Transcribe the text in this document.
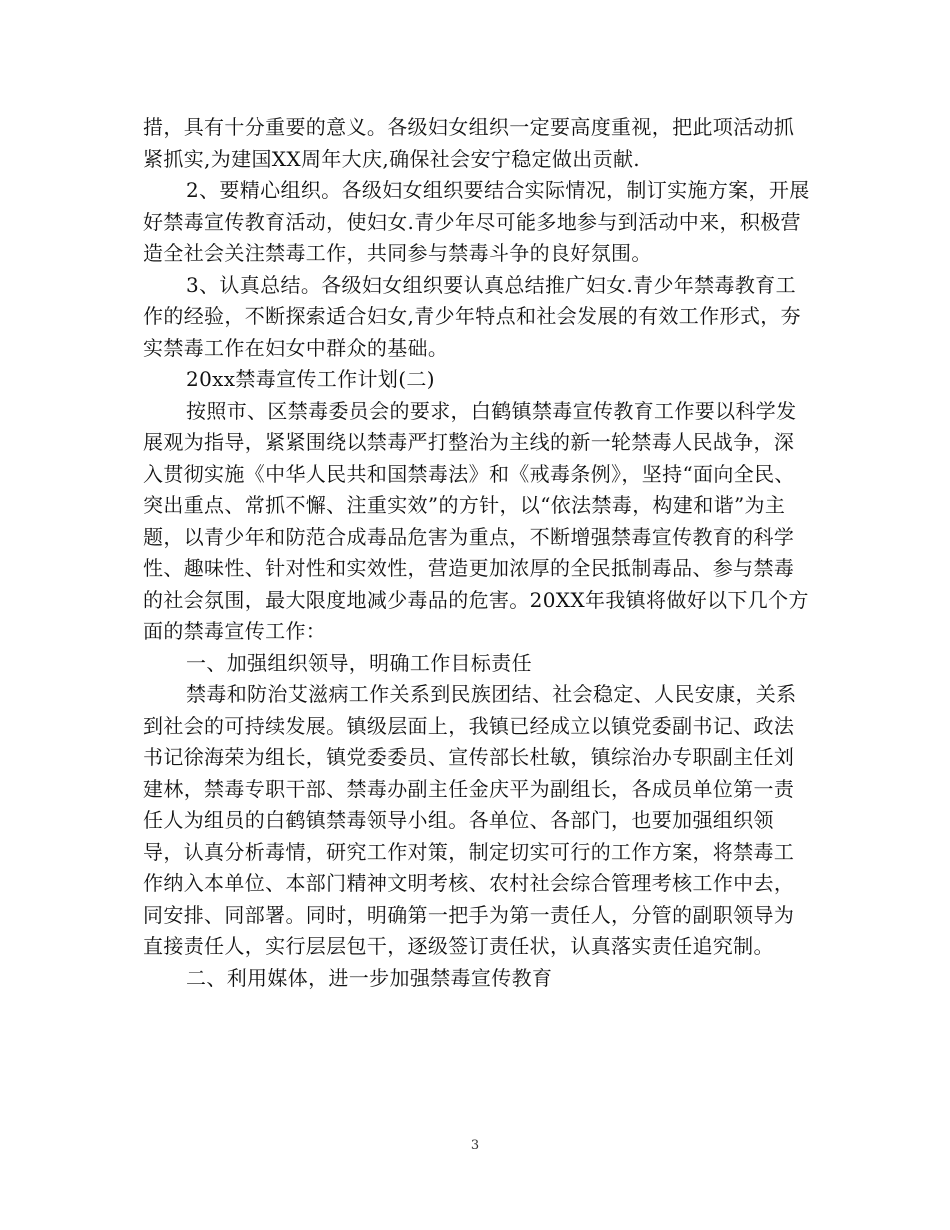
措，具有十分重要的意义。各级妇女组织一定要高度重视，把此项活动抓紧抓实,为建国XX周年大庆,确保社会安宁稳定做出贡献.

2、要精心组织。各级妇女组织要结合实际情况，制订实施方案，开展好禁毒宣传教育活动，使妇女.青少年尽可能多地参与到活动中来，积极营造全社会关注禁毒工作，共同参与禁毒斗争的良好氛围。

3、认真总结。各级妇女组织要认真总结推广妇女.青少年禁毒教育工作的经验，不断探索适合妇女,青少年特点和社会发展的有效工作形式，夯实禁毒工作在妇女中群众的基础。

20xx禁毒宣传工作计划(二)

按照市、区禁毒委员会的要求，白鹤镇禁毒宣传教育工作要以科学发展观为指导，紧紧围绕以禁毒严打整治为主线的新一轮禁毒人民战争，深入贯彻实施《中华人民共和国禁毒法》和《戒毒条例》，坚持“面向全民、突出重点、常抓不懈、注重实效”的方针，以“依法禁毒，构建和谐”为主题，以青少年和防范合成毒品危害为重点，不断增强禁毒宣传教育的科学性、趣味性、针对性和实效性，营造更加浓厚的全民抵制毒品、参与禁毒的社会氛围，最大限度地减少毒品的危害。20XX年我镇将做好以下几个方面的禁毒宣传工作：

一、加强组织领导，明确工作目标责任

禁毒和防治艾滋病工作关系到民族团结、社会稳定、人民安康，关系到社会的可持续发展。镇级层面上，我镇已经成立以镇党委副书记、政法书记徐海荣为组长，镇党委委员、宣传部长杜敏，镇综治办专职副主任刘建林，禁毒专职干部、禁毒办副主任金庆平为副组长，各成员单位第一责任人为组员的白鹤镇禁毒领导小组。各单位、各部门，也要加强组织领导，认真分析毒情，研究工作对策，制定切实可行的工作方案，将禁毒工作纳入本单位、本部门精神文明考核、农村社会综合管理考核工作中去，同安排、同部署。同时，明确第一把手为第一责任人，分管的副职领导为直接责任人，实行层层包干，逐级签订责任状，认真落实责任追究制。

二、利用媒体，进一步加强禁毒宣传教育

3
